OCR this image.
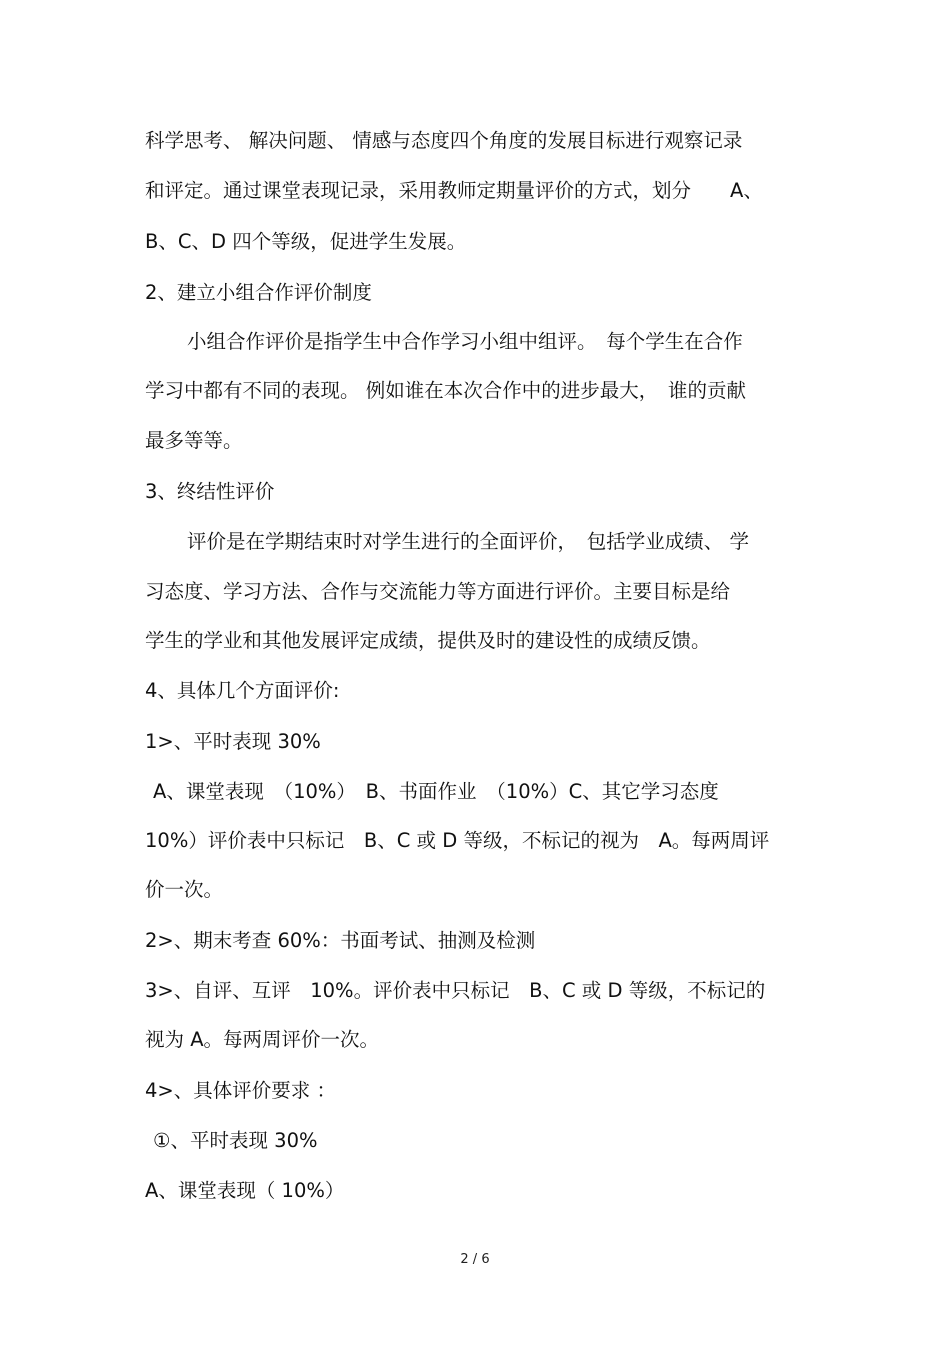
科学思考、 解决问题、 情感与态度四个角度的发展目标进行观察记录

和评定。通过课堂表现记录，采用教师定期量评价的方式，划分　　A、

B、C、D 四个等级，促进学生发展。

2、建立小组合作评价制度

小组合作评价是指学生中合作学习小组中组评。　每个学生在合作

学习中都有不同的表现。 例如谁在本次合作中的进步最大，　谁的贡献

最多等等。

3、终结性评价

评价是在学期结束时对学生进行的全面评价，　包括学业成绩、 学

习态度、学习方法、合作与交流能力等方面进行评价。主要目标是给

学生的学业和其他发展评定成绩，提供及时的建设性的成绩反馈。

4、具体几个方面评价:

1>、平时表现 30%

A、课堂表现　（10%）　B、书面作业　（10%）C、其它学习态度

10%）评价表中只标记　B、C 或 D 等级，不标记的视为　A。每两周评

价一次。

2>、期末考查 60%：书面考试、抽测及检测

3>、自评、互评　10%。评价表中只标记　B、C 或 D 等级，不标记的

视为 A。每两周评价一次。

4>、具体评价要求 ：

①、平时表现 30%

A、课堂表现（ 10%）

2 / 6
